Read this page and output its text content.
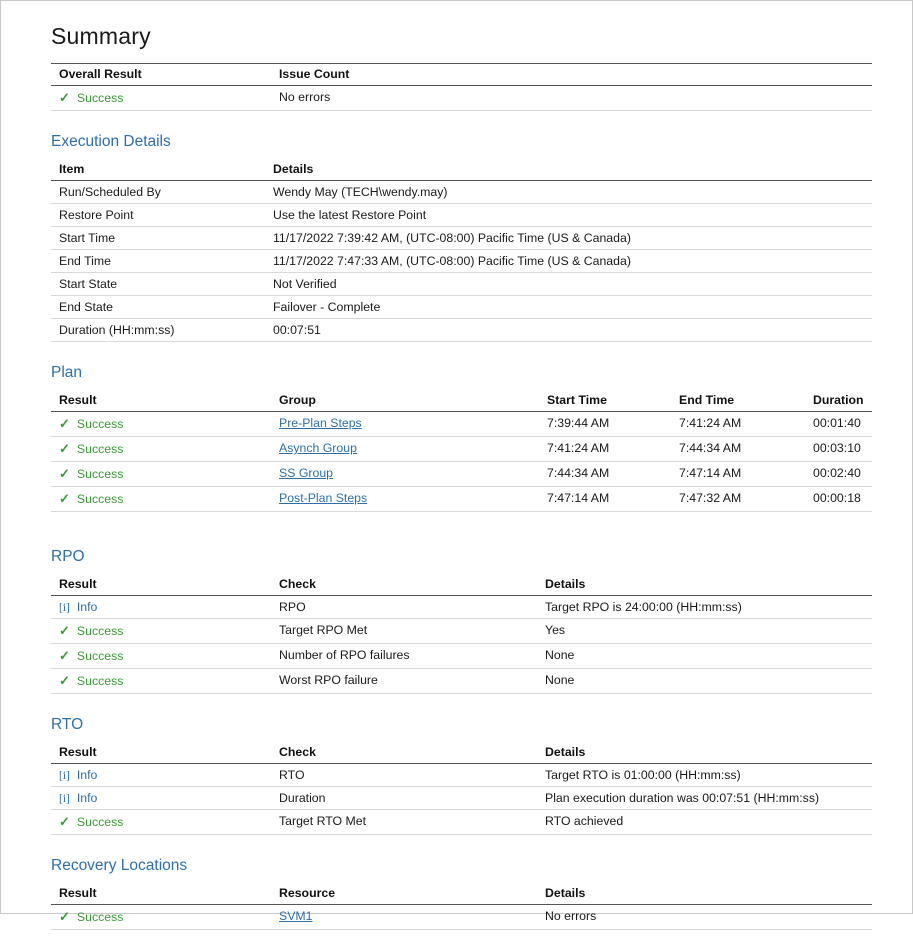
Summary
Overall Result	Issue Count
✓ Success	No errors
Execution Details
Item	Details
Run/Scheduled By	Wendy May (TECH\wendy.may)
Restore Point	Use the latest Restore Point
Start Time	11/17/2022 7:39:42 AM, (UTC-08:00) Pacific Time (US & Canada)
End Time	11/17/2022 7:47:33 AM, (UTC-08:00) Pacific Time (US & Canada)
Start State	Not Verified
End State	Failover - Complete
Duration (HH:mm:ss)	00:07:51
Plan
Result	Group	Start Time	End Time	Duration
✓ Success	Pre-Plan Steps	7:39:44 AM	7:41:24 AM	00:01:40
✓ Success	Asynch Group	7:41:24 AM	7:44:34 AM	00:03:10
✓ Success	SS Group	7:44:34 AM	7:47:14 AM	00:02:40
✓ Success	Post-Plan Steps	7:47:14 AM	7:47:32 AM	00:00:18
RPO
Result	Check	Details
[i] Info	RPO	Target RPO is 24:00:00 (HH:mm:ss)
✓ Success	Target RPO Met	Yes
✓ Success	Number of RPO failures	None
✓ Success	Worst RPO failure	None
RTO
Result	Check	Details
[i] Info	RTO	Target RTO is 01:00:00 (HH:mm:ss)
[i] Info	Duration	Plan execution duration was 00:07:51 (HH:mm:ss)
✓ Success	Target RTO Met	RTO achieved
Recovery Locations
Result	Resource	Details
✓ Success	SVM1	No errors
